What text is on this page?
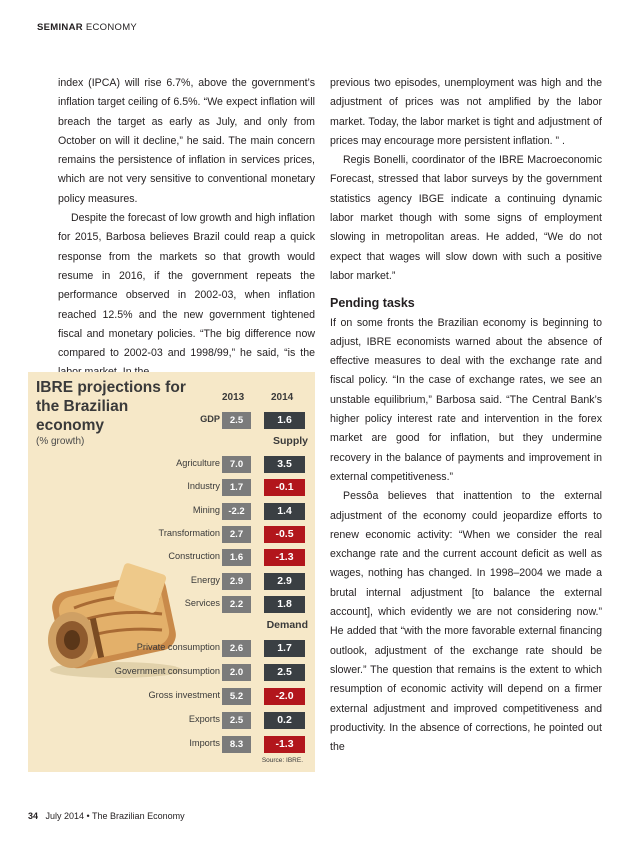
SEMINAR ECONOMY

index (IPCA) will rise 6.7%, above the government’s inflation target ceiling of 6.5%. “We expect inflation will breach the target as early as July, and only from October on will it decline,” he said. The main concern remains the persistence of inflation in services prices, which are not very sensitive to conventional monetary policy measures.

Despite the forecast of low growth and high inflation for 2015, Barbosa believes Brazil could reap a quick response from the markets so that growth would resume in 2016, if the government repeats the performance observed in 2002-03, when inflation reached 12.5% and the new government tightened fiscal and monetary policies. “The big difference now compared to 2002-03 and 1998/99,” he said, “is the

previous two episodes, unemployment was high and the adjustment of prices was not amplified by the labor market. Today, the labor market is tight and adjustment of prices may encourage more persistent inflation. ” .

Regis Bonelli, coordinator of the IBRE Macroeconomic Forecast, stressed that labor surveys by the government statistics agency IBGE indicate a continuing dynamic labor market though with some signs of employment slowing in metropolitan areas. He added, “We do not expect that wages will slow down with such a positive labor market.”

Pending tasks

If on some fronts the Brazilian economy is beginning to adjust, IBRE economists warned about the absence of effective measures to deal with the exchange rate and fiscal policy. “In the case of exchange rates, we see an unstable equilibrium,” Barbosa said. “The Central Bank’s higher policy interest rate and intervention in the forex market are good for inflation, but they undermine recovery in the balance of payments and improvement in external competitiveness.”

Pessôa believes that inattention to the external adjustment of the economy could jeopardize efforts to renew economic activity: “When we consider the real exchange rate and the current account deficit as well as wages, nothing has changed. In 1998–2004 we made a brutal internal adjustment [to balance the external account], which evidently we are not considering now.” He added that “with the more favorable external financing outlook, adjustment of the exchange rate should be slower.” The question that remains is the extent to which resumption of economic activity will depend on a firmer external adjustment and improved competitiveness and productivity. In the absence of corrections, he pointed out the

IBRE projections for the Brazilian economy
(% growth)
2013	2014
GDP	2.5	1.6
Supply
Agriculture	7.0	3.5
Industry	1.7	-0.1
Mining -2.2	1.4
Transformation	2.7	-0.5
Construction	1.6	-1.3
Energy	2.9	2.9
Services	2.2	1.8
Demand
Private consumption	2.6	1.7
Government consumption	2.0	2.5
Gross investment	5.2	-2.0
Exports	2.5	0.2
Imports	8.3	-1.3
Source: IBRE.
34 July 2014 • The Brazilian Economy
